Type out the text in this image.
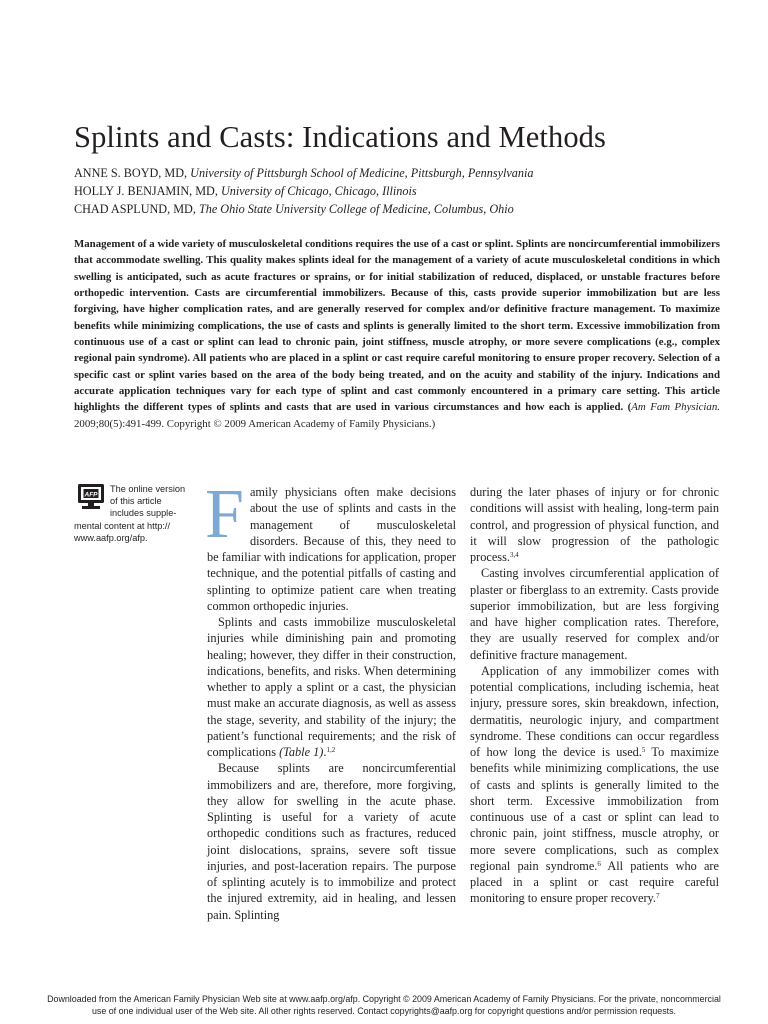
Splints and Casts: Indications and Methods
ANNE S. BOYD, MD, University of Pittsburgh School of Medicine, Pittsburgh, Pennsylvania
HOLLY J. BENJAMIN, MD, University of Chicago, Chicago, Illinois
CHAD ASPLUND, MD, The Ohio State University College of Medicine, Columbus, Ohio

Management of a wide variety of musculoskeletal conditions requires the use of a cast or splint. Splints are noncircumferential immobilizers that accommodate swelling. This quality makes splints ideal for the management of a variety of acute musculoskeletal conditions in which swelling is anticipated, such as acute fractures or sprains, or for initial stabilization of reduced, displaced, or unstable fractures before orthopedic intervention. Casts are circumferential immobilizers. Because of this, casts provide superior immobilization but are less forgiving, have higher complication rates, and are generally reserved for complex and/or definitive fracture management. To maximize benefits while minimizing complications, the use of casts and splints is generally limited to the short term. Excessive immobilization from continuous use of a cast or splint can lead to chronic pain, joint stiffness, muscle atrophy, or more severe complications (e.g., complex regional pain syndrome). All patients who are placed in a splint or cast require careful monitoring to ensure proper recovery. Selection of a specific cast or splint varies based on the area of the body being treated, and on the acuity and stability of the injury. Indications and accurate application techniques vary for each type of splint and cast commonly encountered in a primary care setting. This article highlights the different types of splints and casts that are used in various circumstances and how each is applied. (Am Fam Physician. 2009;80(5):491-499. Copyright © 2009 American Academy of Family Physicians.)

AFP
The online version
of this article
includes supple-
mental content at http://
www.aafp.org/afp. Family physicians often make decisions about the use of splints and casts in the management of musculoskeletal disorders. Because of this, they need to be familiar with indications for application, proper technique, and the potential pitfalls of casting and splinting to optimize patient care when treating common orthopedic injuries.

Splints and casts immobilize musculoskeletal injuries while diminishing pain and promoting healing; however, they differ in their construction, indications, benefits, and risks. When determining whether to apply a splint or a cast, the physician must make an accurate diagnosis, as well as assess the stage, severity, and stability of the injury; the patient’s functional requirements; and the risk of complications (Table 1).$^{1,2}$

Because splints are noncircumferential immobilizers and are, therefore, more forgiving, they allow for swelling in the acute phase. Splinting is useful for a variety of acute orthopedic conditions such as fractures, reduced joint dislocations, sprains, severe soft tissue injuries, and post-laceration repairs. The purpose of splinting acutely is to immobilize and protect the injured extremity, aid in healing, and lessen pain. Splinting

during the later phases of injury or for chronic conditions will assist with healing, long-term pain control, and progression of physical function, and it will slow progression of the pathologic process.$^{3,4}$

Casting involves circumferential application of plaster or fiberglass to an extremity. Casts provide superior immobilization, but are less forgiving and have higher complication rates. Therefore, they are usually reserved for complex and/or definitive fracture management.

Application of any immobilizer comes with potential complications, including ischemia, heat injury, pressure sores, skin breakdown, infection, dermatitis, neurologic injury, and compartment syndrome. These conditions can occur regardless of how long the device is used.$^5$ To maximize benefits while minimizing complications, the use of casts and splints is generally limited to the short term. Excessive immobilization from continuous use of a cast or splint can lead to chronic pain, joint stiffness, muscle atrophy, or more severe complications, such as complex regional pain syndrome.$^6$ All patients who are placed in a splint or cast require careful monitoring to ensure proper recovery.$^7$

Downloaded from the American Family Physician Web site at www.aafp.org/afp. Copyright © 2009 American Academy of Family Physicians. For the private, noncommercial
use of one individual user of the Web site. All other rights reserved. Contact copyrights@aafp.org for copyright questions and/or permission requests.
